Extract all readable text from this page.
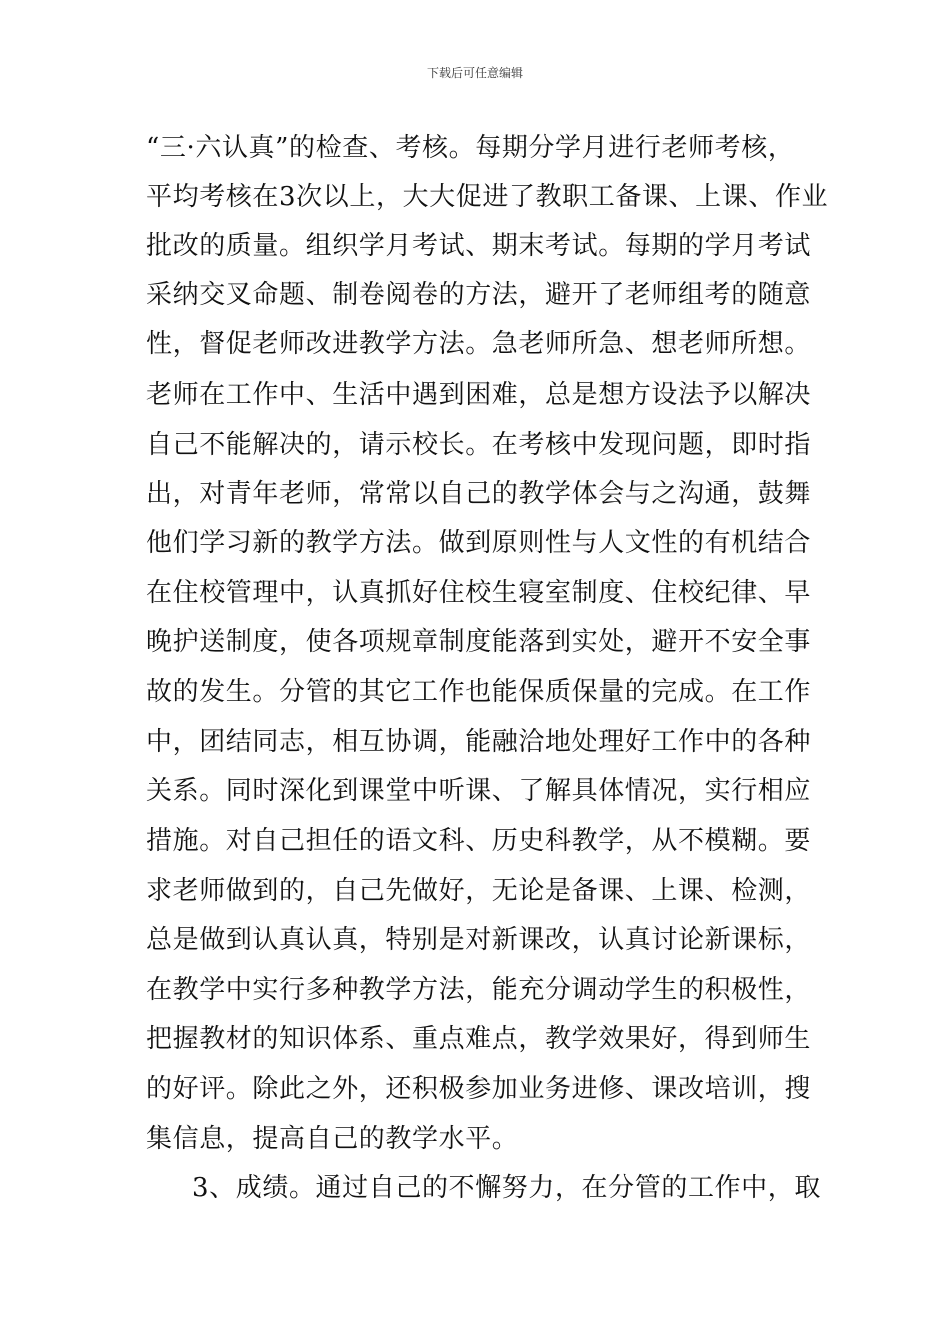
下载后可任意编辑
“三·六认真”的检查、考核。每期分学月进行老师考核，
平均考核在3次以上，大大促进了教职工备课、上课、作业
批改的质量。组织学月考试、期末考试。每期的学月考试
采纳交叉命题、制卷阅卷的方法，避开了老师组考的随意
性，督促老师改进教学方法。急老师所急、想老师所想。
老师在工作中、生活中遇到困难，总是想方设法予以解决
自己不能解决的，请示校长。在考核中发现问题，即时指
出，对青年老师，常常以自己的教学体会与之沟通，鼓舞
他们学习新的教学方法。做到原则性与人文性的有机结合
在住校管理中，认真抓好住校生寝室制度、住校纪律、早
晚护送制度，使各项规章制度能落到实处，避开不安全事
故的发生。分管的其它工作也能保质保量的完成。在工作
中，团结同志，相互协调，能融洽地处理好工作中的各种
关系。同时深化到课堂中听课、了解具体情况，实行相应
措施。对自己担任的语文科、历史科教学，从不模糊。要
求老师做到的，自己先做好，无论是备课、上课、检测，
总是做到认真认真，特别是对新课改，认真讨论新课标，
在教学中实行多种教学方法，能充分调动学生的积极性，
把握教材的知识体系、重点难点，教学效果好，得到师生
的好评。除此之外，还积极参加业务进修、课改培训，搜
集信息，提高自己的教学水平。
3、成绩。通过自己的不懈努力，在分管的工作中，取
